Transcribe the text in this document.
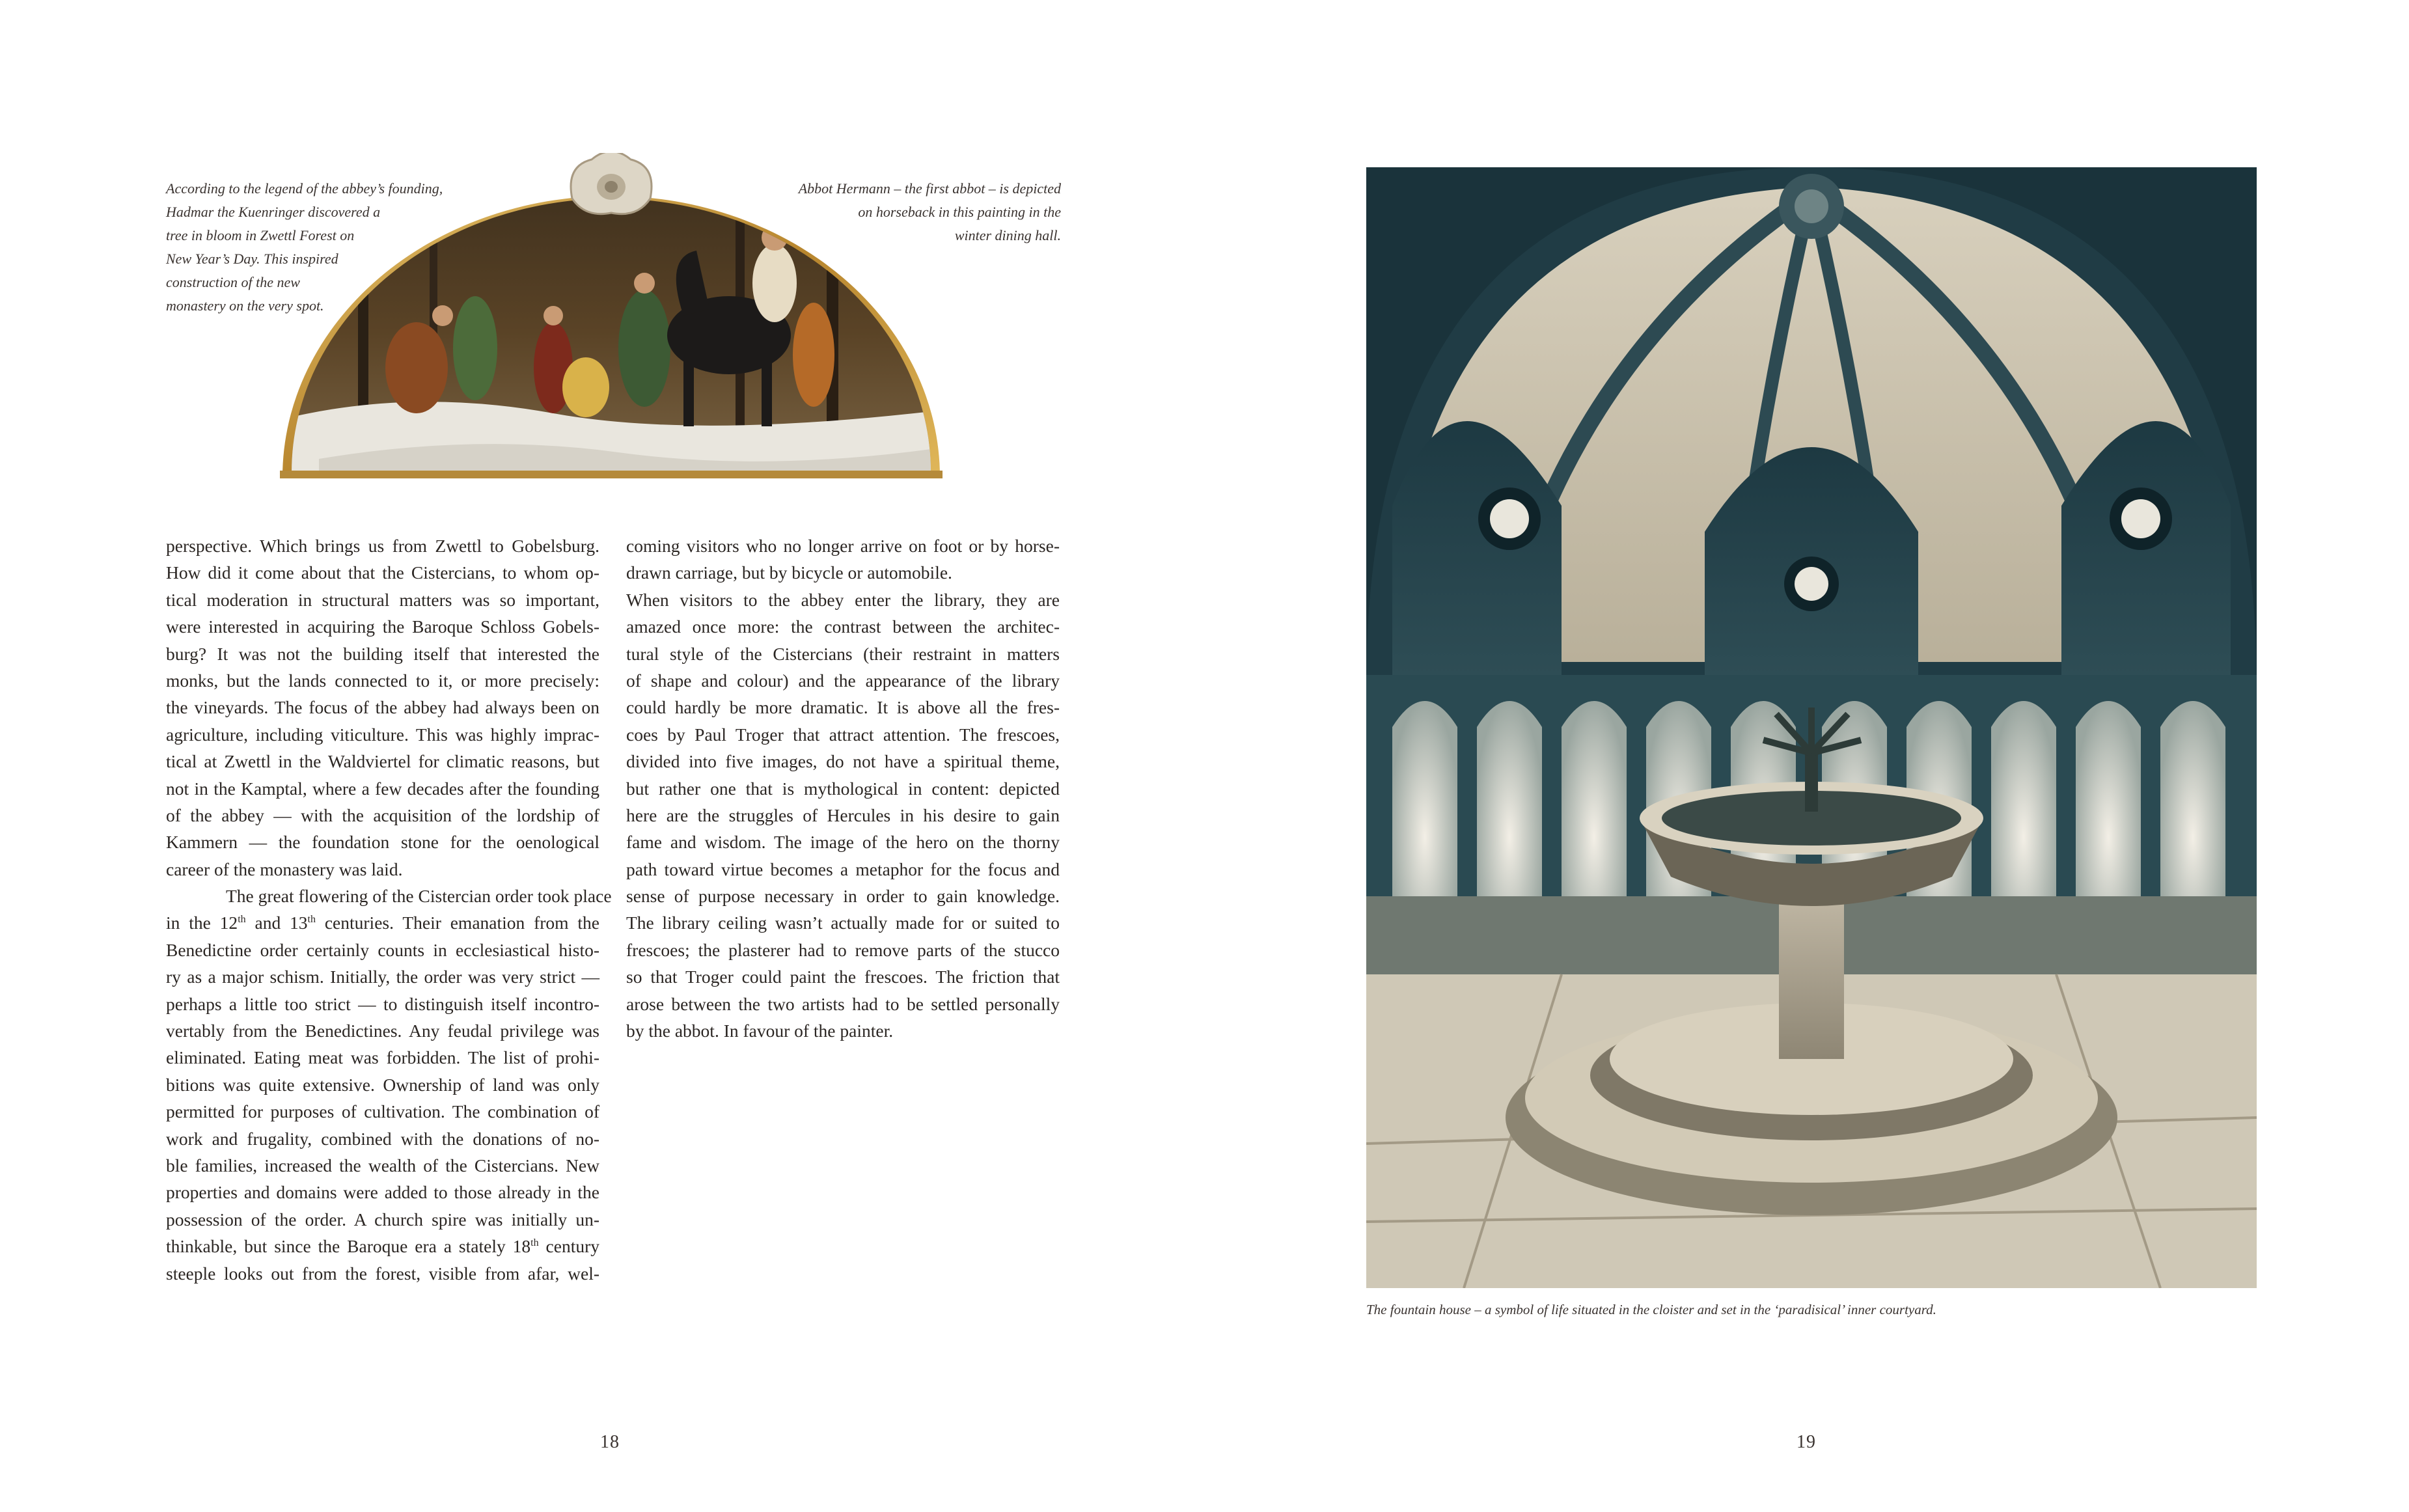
According to the legend of the abbey’s founding,
Hadmar the Kuenringer discovered a
tree in bloom in Zwettl Forest on
New Year’s Day. This inspired
construction of the new
monastery on the very spot.
Abbot Hermann – the first abbot – is depicted
on horseback in this painting in the
winter dining hall.

perspective. Which brings us from Zwettl to Gobelsburg.
How did it come about that the Cistercians, to whom op-
tical moderation in structural matters was so important,
were interested in acquiring the Baroque Schloss Gobels-
burg? It was not the building itself that interested the
monks, but the lands connected to it, or more precisely:
the vineyards. The focus of the abbey had always been on
agriculture, including viticulture. This was highly imprac-
tical at Zwettl in the Waldviertel for climatic reasons, but
not in the Kamptal, where a few decades after the founding
of the abbey — with the acquisition of the lordship of
Kammern — the foundation stone for the oenological
career of the monastery was laid.

The great flowering of the Cistercian order took place
in the 12th and 13th centuries. Their emanation from the
Benedictine order certainly counts in ecclesiastical histo-
ry as a major schism. Initially, the order was very strict —
perhaps a little too strict — to distinguish itself incontro-
vertably from the Benedictines. Any feudal privilege was
eliminated. Eating meat was forbidden. The list of prohi-
bitions was quite extensive. Ownership of land was only
permitted for purposes of cultivation. The combination of
work and frugality, combined with the donations of no-
ble families, increased the wealth of the Cistercians. New
properties and domains were added to those already in the
possession of the order. A church spire was initially un-
thinkable, but since the Baroque era a stately 18th century
steeple looks out from the forest, visible from afar, wel-

coming visitors who no longer arrive on foot or by horse-
drawn carriage, but by bicycle or automobile.
When visitors to the abbey enter the library, they are
amazed once more: the contrast between the architec-
tural style of the Cistercians (their restraint in matters
of shape and colour) and the appearance of the library
could hardly be more dramatic. It is above all the fres-
coes by Paul Troger that attract attention. The frescoes,
divided into five images, do not have a spiritual theme,
but rather one that is mythological in content: depicted
here are the struggles of Hercules in his desire to gain
fame and wisdom. The image of the hero on the thorny
path toward virtue becomes a metaphor for the focus and
sense of purpose necessary in order to gain knowledge.
The library ceiling wasn’t actually made for or suited to
frescoes; the plasterer had to remove parts of the stucco
so that Troger could paint the frescoes. The friction that
arose between the two artists had to be settled personally
by the abbot. In favour of the painter.

18
The fountain house – a symbol of life situated in the cloister and set in the ‘paradisical’ inner courtyard.
19
